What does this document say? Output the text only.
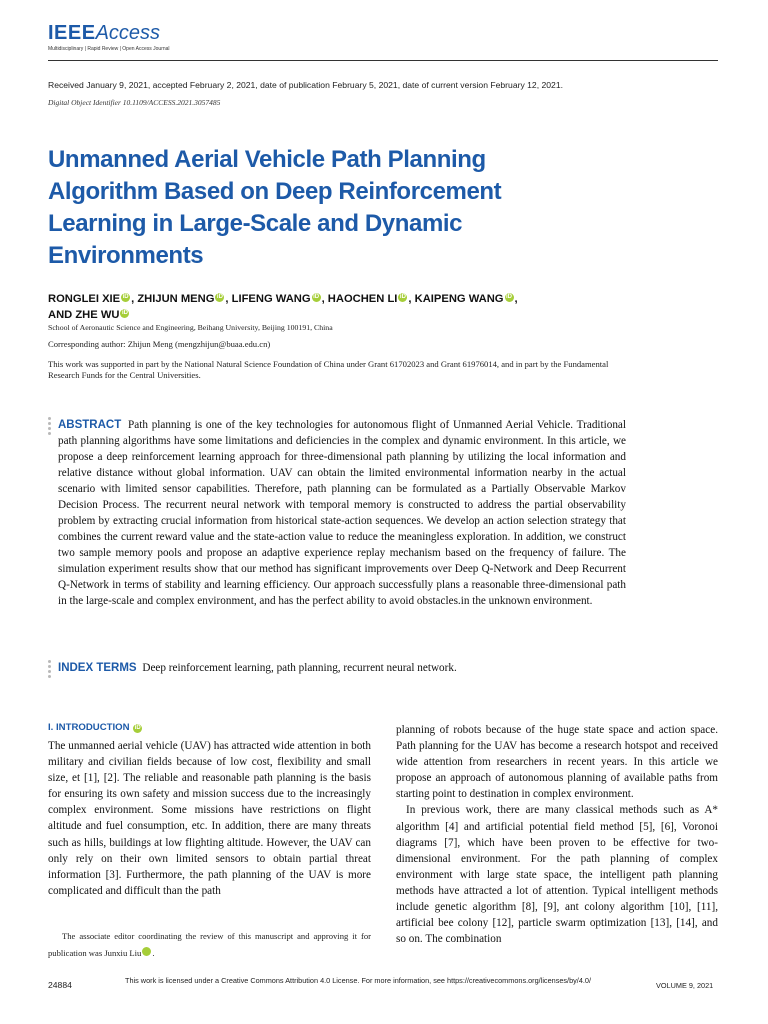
IEEEAccess
Multidisciplinary | Rapid Review | Open Access Journal
Received January 9, 2021, accepted February 2, 2021, date of publication February 5, 2021, date of current version February 12, 2021.
Digital Object Identifier 10.1109/ACCESS.2021.3057485
Unmanned Aerial Vehicle Path Planning
Algorithm Based on Deep Reinforcement
Learning in Large-Scale and Dynamic
Environments
RONGLEI XIE iD , ZHIJUN MENG iD , LIFENG WANG iD , HAOCHEN LI iD , KAIPENG WANG iD ,
AND ZHE WU iD
School of Aeronautic Science and Engineering, Beihang University, Beijing 100191, China
Corresponding author: Zhijun Meng (mengzhijun@buaa.edu.cn)
This work was supported in part by the National Natural Science Foundation of China under Grant 61702023 and Grant 61976014, and in part by the Fundamental Research Funds for the Central Universities.
ABSTRACT Path planning is one of the key technologies for autonomous flight of Unmanned Aerial Vehicle. Traditional path planning algorithms have some limitations and deficiencies in the complex and dynamic environment. In this article, we propose a deep reinforcement learning approach for three-dimensional path planning by utilizing the local information and relative distance without global information. UAV can obtain the limited environmental information nearby in the actual scenario with limited sensor capabilities. Therefore, path planning can be formulated as a Partially Observable Markov Decision Process. The recurrent neural network with temporal memory is constructed to address the partial observability problem by extracting crucial information from historical state-action sequences. We develop an action selection strategy that combines the current reward value and the state-action value to reduce the meaningless exploration. In addition, we construct two sample memory pools and propose an adaptive experience replay mechanism based on the frequency of failure. The simulation experiment results show that our method has significant improvements over Deep Q-Network and Deep Recurrent Q-Network in terms of stability and learning efficiency. Our approach successfully plans a reasonable three-dimensional path in the large-scale and complex environment, and has the perfect ability to avoid obstacles.in the unknown environment.
INDEX TERMS Deep reinforcement learning, path planning, recurrent neural network.
I. INTRODUCTION iD

The unmanned aerial vehicle (UAV) has attracted wide attention in both military and civilian fields because of low cost, flexibility and small size, et [1], [2]. The reliable and reasonable path planning is the basis for ensuring its own safety and mission success due to the increasingly complex environment. Some missions have restrictions on flight altitude and fuel consumption, etc. In addition, there are many threats such as hills, buildings at low flighting altitude. However, the UAV can only rely on their own limited sensors to obtain partial threat information [3]. Furthermore, the path planning of the UAV is more complicated and difficult than the path

planning of robots because of the huge state space and action space. Path planning for the UAV has become a research hotspot and received wide attention from researchers in recent years. In this article we propose an approach of autonomous planning of available paths from starting point to destination in complex environment.

In previous work, there are many classical methods such as A* algorithm [4] and artificial potential field method [5], [6], Voronoi diagrams [7], which have been proven to be effective for two-dimensional environment. For the path planning of complex environment with large state space, the intelligent path planning methods have attracted a lot of attention. Typical intelligent methods include genetic algorithm [8], [9], ant colony algorithm [10], [11], artificial bee colony [12], particle swarm optimization [13], [14], and so on. The combination

The associate editor coordinating the review of this manuscript and approving it for publication was Junxiu Liu	iD.

24884	This work is licensed under a Creative Commons Attribution 4.0 License. For more information, see https://creativecommons.org/licenses/by/4.0/
VOLUME 9, 2021
